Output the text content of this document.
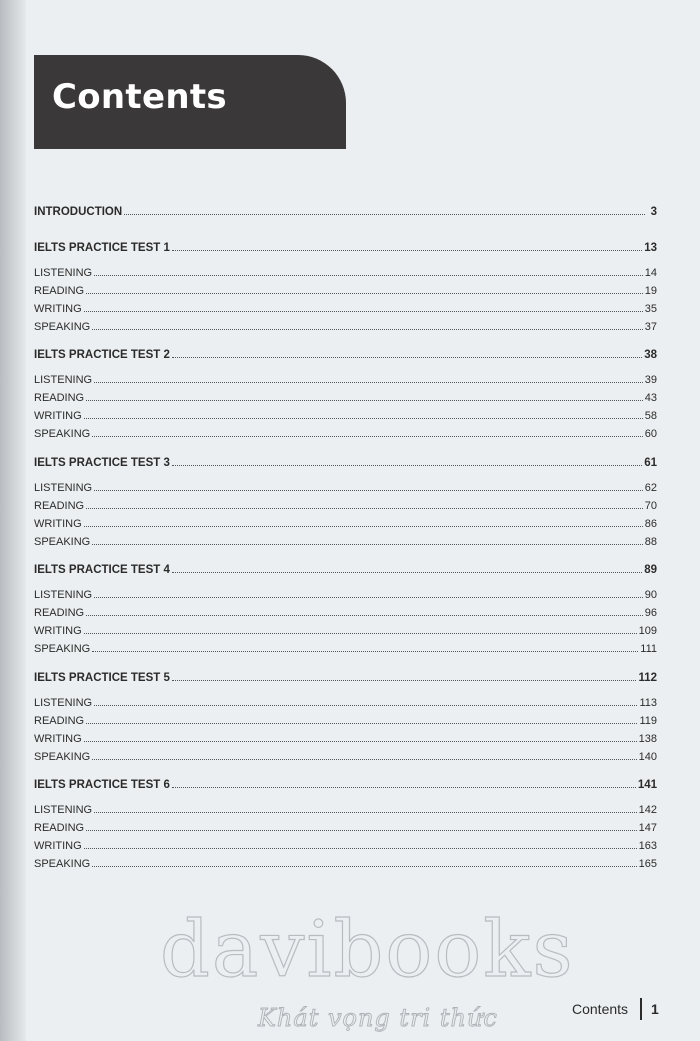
Contents
INTRODUCTION	3
IELTS PRACTICE TEST 1	13
LISTENING	14
READING	19
WRITING	35
SPEAKING	37
IELTS PRACTICE TEST 2	38
LISTENING	39
READING	43
WRITING	58
SPEAKING	60
IELTS PRACTICE TEST 3	61
LISTENING	62
READING	70
WRITING	86
SPEAKING	88
IELTS PRACTICE TEST 4	89
LISTENING	90
READING	96
WRITING	109
SPEAKING	111
IELTS PRACTICE TEST 5	112
LISTENING	113
READING	119
WRITING	138
SPEAKING	140
IELTS PRACTICE TEST 6	141
LISTENING	142
READING	147
WRITING	163
SPEAKING	165
davibooks
Khát vọng tri thức	Contents 1
